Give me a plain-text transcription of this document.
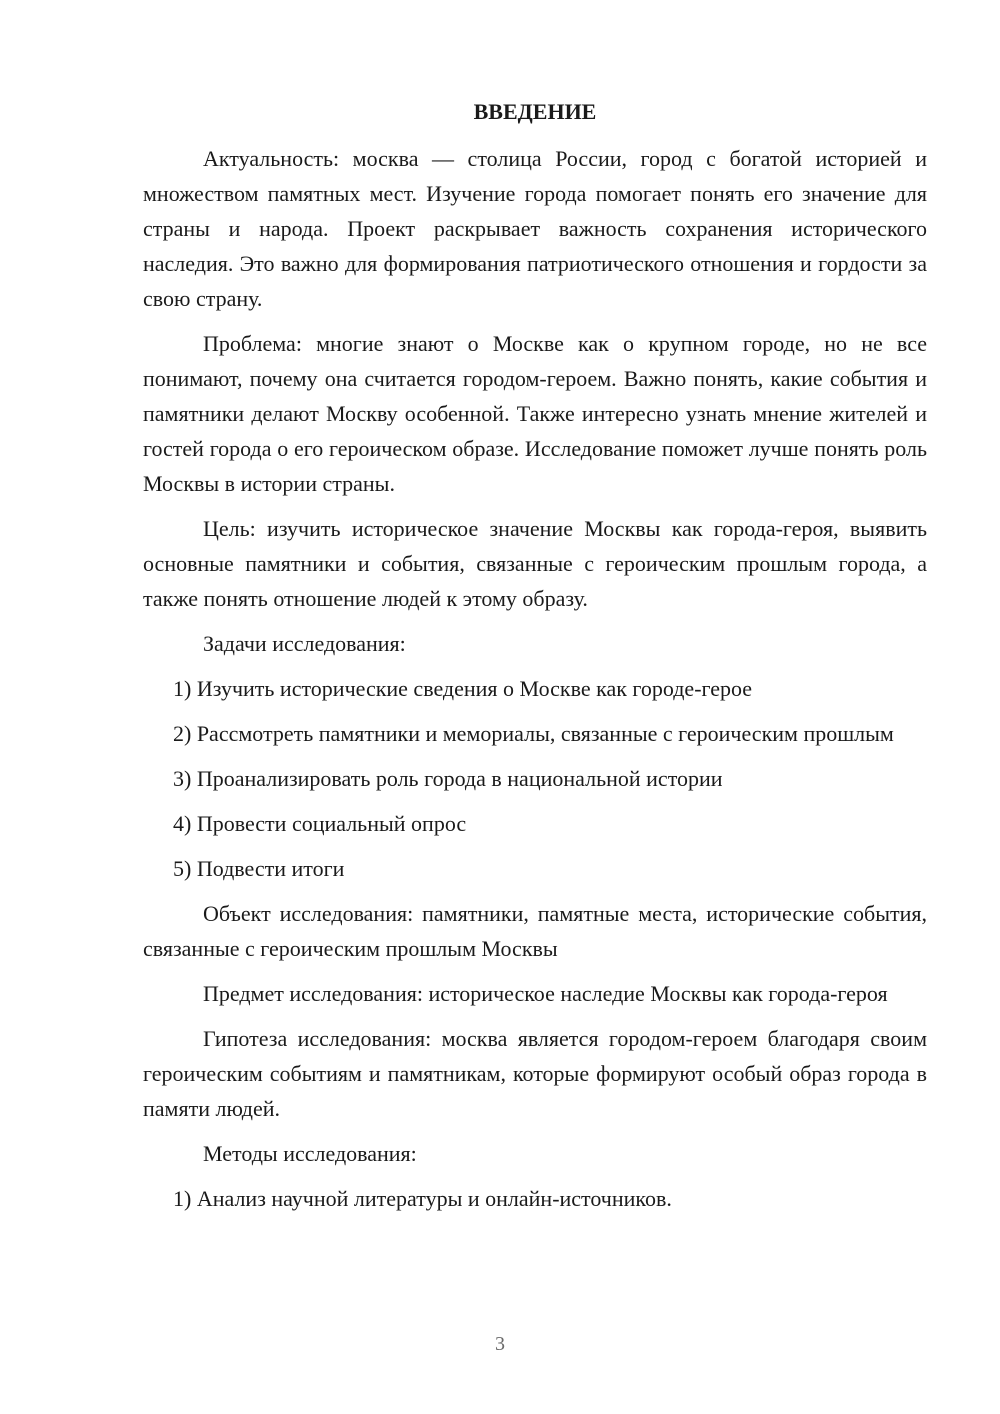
ВВЕДЕНИЕ

Актуальность: москва — столица России, город с богатой историей и множеством памятных мест. Изучение города помогает понять его значение для страны и народа. Проект раскрывает важность сохранения исторического наследия. Это важно для формирования патриотического отношения и гордости за свою страну.

Проблема: многие знают о Москве как о крупном городе, но не все понимают, почему она считается городом-героем. Важно понять, какие события и памятники делают Москву особенной. Также интересно узнать мнение жителей и гостей города о его героическом образе. Исследование поможет лучше понять роль Москвы в истории страны.

Цель: изучить историческое значение Москвы как города-героя, выявить основные памятники и события, связанные с героическим прошлым города, а также понять отношение людей к этому образу.

Задачи исследования:

1) Изучить исторические сведения о Москве как городе-герое

2) Рассмотреть памятники и мемориалы, связанные с героическим прошлым

3) Проанализировать роль города в национальной истории

4) Провести социальный опрос

5) Подвести итоги

Объект исследования: памятники, памятные места, исторические события, связанные с героическим прошлым Москвы

Предмет исследования: историческое наследие Москвы как города-героя

Гипотеза исследования: москва является городом-героем благодаря своим героическим событиям и памятникам, которые формируют особый образ города в памяти людей.

Методы исследования:

1) Анализ научной литературы и онлайн-источников.

3
